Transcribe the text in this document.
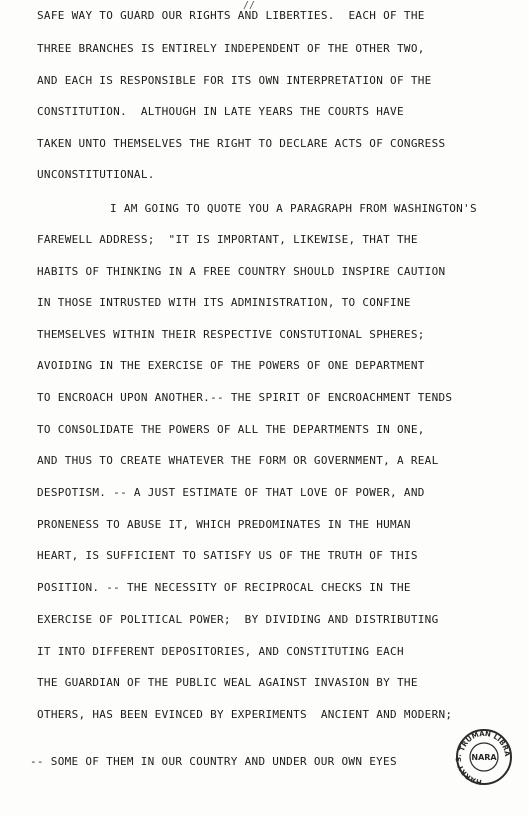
//
SAFE WAY TO GUARD OUR RIGHTS AND LIBERTIES.  EACH OF THE
THREE BRANCHES IS ENTIRELY INDEPENDENT OF THE OTHER TWO,
AND EACH IS RESPONSIBLE FOR ITS OWN INTERPRETATION OF THE
CONSTITUTION.  ALTHOUGH IN LATE YEARS THE COURTS HAVE
TAKEN UNTO THEMSELVES THE RIGHT TO DECLARE ACTS OF CONGRESS
UNCONSTITUTIONAL.
I AM GOING TO QUOTE YOU A PARAGRAPH FROM WASHINGTON'S
FAREWELL ADDRESS;  "IT IS IMPORTANT, LIKEWISE, THAT THE
HABITS OF THINKING IN A FREE COUNTRY SHOULD INSPIRE CAUTION
IN THOSE INTRUSTED WITH ITS ADMINISTRATION, TO CONFINE
THEMSELVES WITHIN THEIR RESPECTIVE CONSTUTIONAL SPHERES;
AVOIDING IN THE EXERCISE OF THE POWERS OF ONE DEPARTMENT
TO ENCROACH UPON ANOTHER.-- THE SPIRIT OF ENCROACHMENT TENDS
TO CONSOLIDATE THE POWERS OF ALL THE DEPARTMENTS IN ONE,
AND THUS TO CREATE WHATEVER THE FORM OR GOVERNMENT, A REAL
DESPOTISM. -- A JUST ESTIMATE OF THAT LOVE OF POWER, AND
PRONENESS TO ABUSE IT, WHICH PREDOMINATES IN THE HUMAN
HEART, IS SUFFICIENT TO SATISFY US OF THE TRUTH OF THIS
POSITION. -- THE NECESSITY OF RECIPROCAL CHECKS IN THE
EXERCISE OF POLITICAL POWER;  BY DIVIDING AND DISTRIBUTING
IT INTO DIFFERENT DEPOSITORIES, AND CONSTITUTING EACH
THE GUARDIAN OF THE PUBLIC WEAL AGAINST INVASION BY THE
OTHERS, HAS BEEN EVINCED BY EXPERIMENTS  ANCIENT AND MODERN;
-- SOME OF THEM IN OUR COUNTRY AND UNDER OUR OWN EYES
TRUMAN LIBRA
HARRY S.	NARA
